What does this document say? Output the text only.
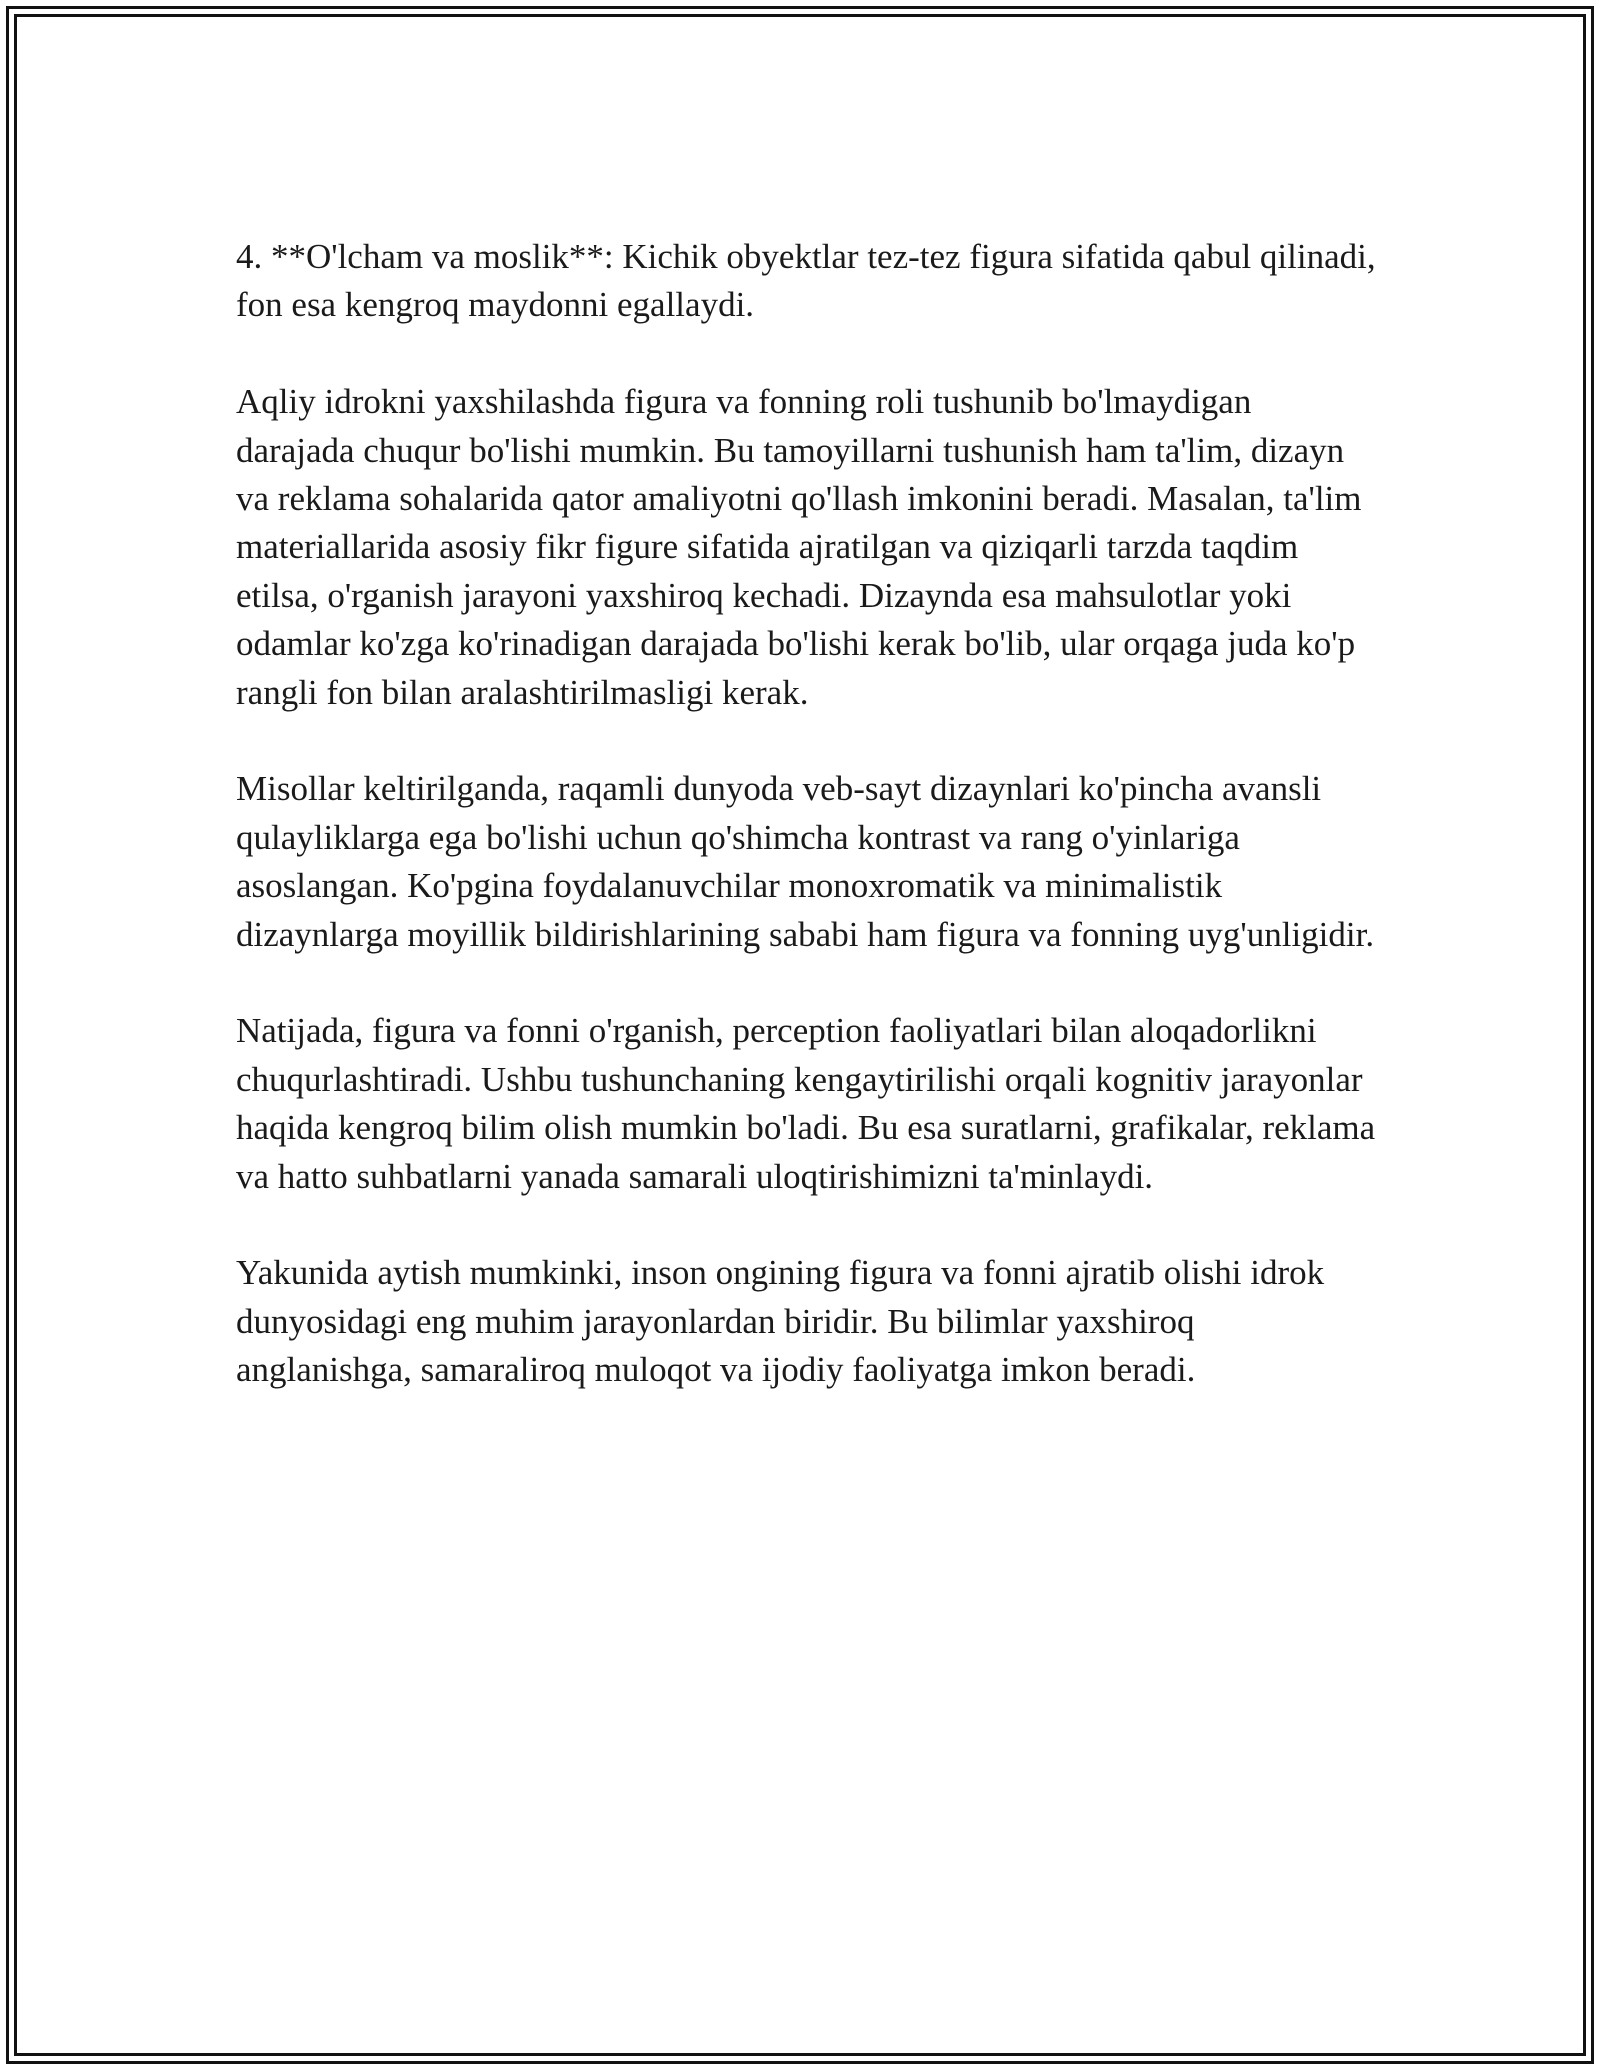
4. **O'lcham va moslik**: Kichik obyektlar tez-tez figura sifatida qabul qilinadi, fon esa kengroq maydonni egallaydi.

Aqliy idrokni yaxshilashda figura va fonning roli tushunib bo'lmaydigan darajada chuqur bo'lishi mumkin. Bu tamoyillarni tushunish ham ta'lim, dizayn va reklama sohalarida qator amaliyotni qo'llash imkonini beradi. Masalan, ta'lim materiallarida asosiy fikr figure sifatida ajratilgan va qiziqarli tarzda taqdim etilsa, o'rganish jarayoni yaxshiroq kechadi. Dizaynda esa mahsulotlar yoki odamlar ko'zga ko'rinadigan darajada bo'lishi kerak bo'lib, ular orqaga juda ko'p rangli fon bilan aralashtirilmasligi kerak.

Misollar keltirilganda, raqamli dunyoda veb-sayt dizaynlari ko'pincha avansli qulayliklarga ega bo'lishi uchun qo'shimcha kontrast va rang o'yinlariga asoslangan. Ko'pgina foydalanuvchilar monoxromatik va minimalistik dizaynlarga moyillik bildirishlarining sababi ham figura va fonning uyg'unligidir.

Natijada, figura va fonni o'rganish, perception faoliyatlari bilan aloqadorlikni chuqurlashtiradi. Ushbu tushunchaning kengaytirilishi orqali kognitiv jarayonlar haqida kengroq bilim olish mumkin bo'ladi. Bu esa suratlarni, grafikalar, reklama va hatto suhbatlarni yanada samarali uloqtirishimizni ta'minlaydi.

Yakunida aytish mumkinki, inson ongining figura va fonni ajratib olishi idrok dunyosidagi eng muhim jarayonlardan biridir. Bu bilimlar yaxshiroq anglanishga, samaraliroq muloqot va ijodiy faoliyatga imkon beradi.
